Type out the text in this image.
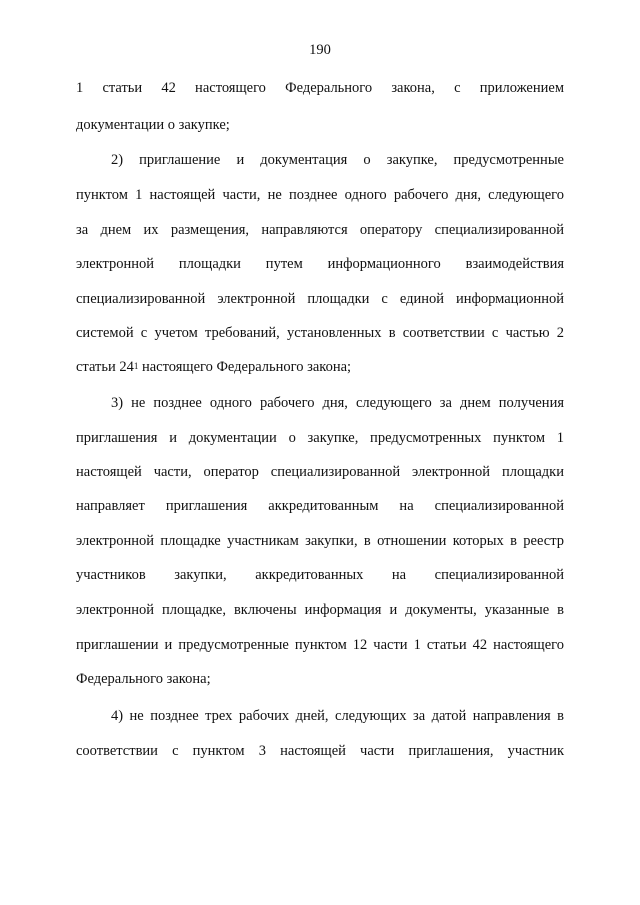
190
1 статьи 42 настоящего Федерального закона, с приложением
документации о закупке;
2) приглашение и документация о закупке, предусмотренные
пунктом 1 настоящей части, не позднее одного рабочего дня, следующего
за днем их размещения, направляются оператору специализированной
электронной площадки путем информационного взаимодействия
специализированной электронной площадки с единой информационной
системой с учетом требований, установленных в соответствии с частью 2
статьи $24^1$ настоящего Федерального закона;
3) не позднее одного рабочего дня, следующего за днем получения
приглашения и документации о закупке, предусмотренных пунктом 1
настоящей части, оператор специализированной электронной площадки
направляет приглашения аккредитованным на специализированной
электронной площадке участникам закупки, в отношении которых в реестр
участников закупки, аккредитованных на специализированной
электронной площадке, включены информация и документы, указанные в
приглашении и предусмотренные пунктом 12 части 1 статьи 42 настоящего
Федерального закона;
4) не позднее трех рабочих дней, следующих за датой направления в
соответствии с пунктом 3 настоящей части приглашения, участник
